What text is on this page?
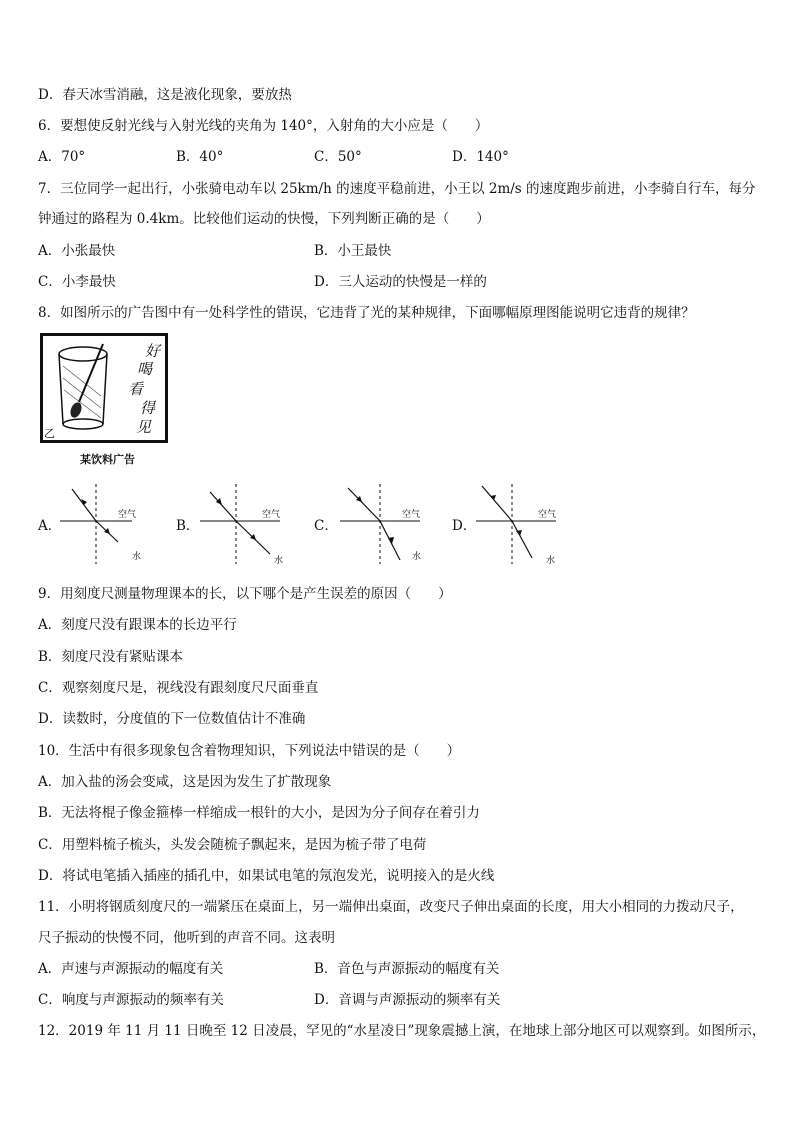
D．春天冰雪消融，这是液化现象，要放热
6．要想使反射光线与入射光线的夹角为 140°，入射角的大小应是（　　）
A．70°	B．40°	C．50°	D．140°
7．三位同学一起出行，小张骑电动车以 25km/h 的速度平稳前进，小王以 2m/s 的速度跑步前进，小李骑自行车，每分
钟通过的路程为 0.4km。比较他们运动的快慢，下列判断正确的是（　　）
A．小张最快	B．小王最快
C．小李最快	D．三人运动的快慢是一样的
8．如图所示的广告图中有一处科学性的错误，它违背了光的某种规律，下面哪幅原理图能说明它违背的规律？
好
喝
看
得
见
乙
某饮料广告
A．
空气
水
B．
空气
水
C．
空气
水
D．
空气
水
9．用刻度尺测量物理课本的长，以下哪个是产生误差的原因（　　）
A．刻度尺没有跟课本的长边平行
B．刻度尺没有紧贴课本
C．观察刻度尺是，视线没有跟刻度尺尺面垂直
D．读数时，分度值的下一位数值估计不准确
10．生活中有很多现象包含着物理知识，下列说法中错误的是（　　）
A．加入盐的汤会变咸，这是因为发生了扩散现象
B．无法将棍子像金箍棒一样缩成一根针的大小，是因为分子间存在着引力
C．用塑料梳子梳头，头发会随梳子飘起来，是因为梳子带了电荷
D．将试电笔插入插座的插孔中，如果试电笔的氖泡发光，说明接入的是火线
11．小明将钢质刻度尺的一端紧压在桌面上，另一端伸出桌面，改变尺子伸出桌面的长度，用大小相同的力拨动尺子，
尺子振动的快慢不同，他听到的声音不同。这表明
A．声速与声源振动的幅度有关	B．音色与声源振动的幅度有关
C．响度与声源振动的频率有关	D．音调与声源振动的频率有关
12．2019 年 11 月 11 日晚至 12 日凌晨，罕见的“水星凌日”现象震撼上演，在地球上部分地区可以观察到。如图所示，
